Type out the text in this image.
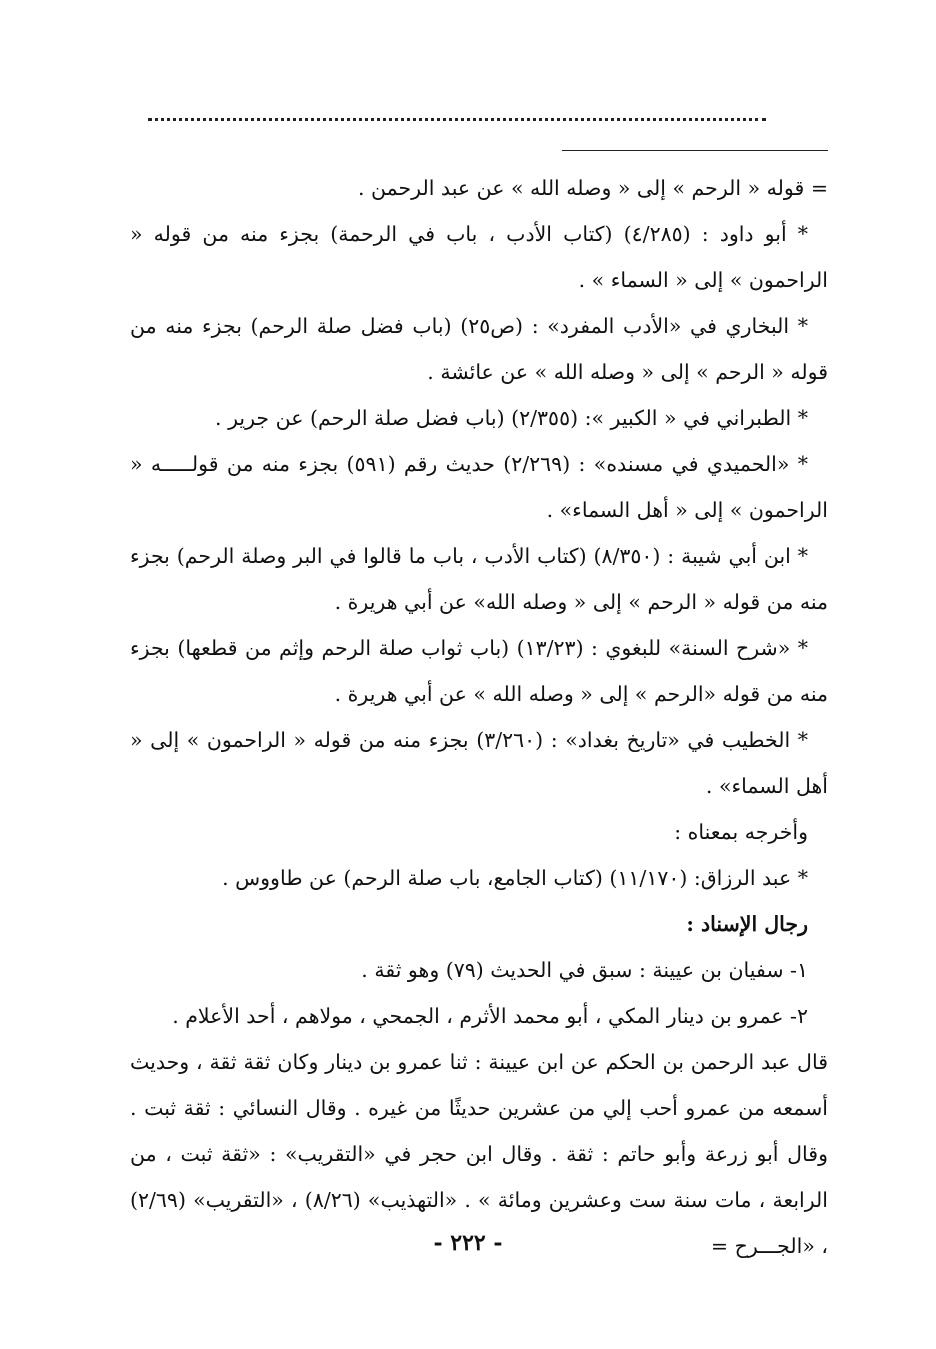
= قوله « الرحم » إلى « وصله الله » عن عبد الرحمن .

* أبو داود : (٤/٢٨٥) (كتاب الأدب ، باب في الرحمة) بجزء منه من قوله « الراحمون » إلى « السماء » .

* البخاري في «الأدب المفرد» : (ص٢٥) (باب فضل صلة الرحم) بجزء منه من قوله « الرحم » إلى « وصله الله » عن عائشة .

* الطبراني في « الكبير »: (٢/٣٥٥) (باب فضل صلة الرحم) عن جرير .

* «الحميدي في مسنده» : (٢/٢٦٩) حديث رقم (٥٩١) بجزء منه من قولـــــه « الراحمون » إلى « أهل السماء» .

* ابن أبي شيبة : (٨/٣٥٠) (كتاب الأدب ، باب ما قالوا في البر وصلة الرحم) بجزء منه من قوله « الرحم » إلى « وصله الله» عن أبي هريرة .

* «شرح السنة» للبغوي : (١٣/٢٣) (باب ثواب صلة الرحم وإثم من قطعها) بجزء منه من قوله «الرحم » إلى « وصله الله » عن أبي هريرة .

* الخطيب في «تاريخ بغداد» : (٣/٢٦٠) بجزء منه من قوله « الراحمون » إلى « أهل السماء» .

وأخرجه بمعناه :

* عبد الرزاق: (١١/١٧٠) (كتاب الجامع، باب صلة الرحم) عن طاووس .

رجال الإسناد :

١- سفيان بن عيينة : سبق في الحديث (٧٩) وهو ثقة .

٢- عمرو بن دينار المكي ، أبو محمد الأثرم ، الجمحي ، مولاهم ، أحد الأعلام .

قال عبد الرحمن بن الحكم عن ابن عيينة : ثنا عمرو بن دينار وكان ثقة ثقة ، وحديث أسمعه من عمرو أحب إلي من عشرين حديثًا من غيره . وقال النسائي : ثقة ثبت . وقال أبو زرعة وأبو حاتم : ثقة . وقال ابن حجر في «التقريب» : «ثقة ثبت ، من الرابعة ، مات سنة ست وعشرين ومائة » . «التهذيب» (٨/٢٦) ، «التقريب» (٢/٦٩) ، «الجـــرح =

- ٢٢٢ -
